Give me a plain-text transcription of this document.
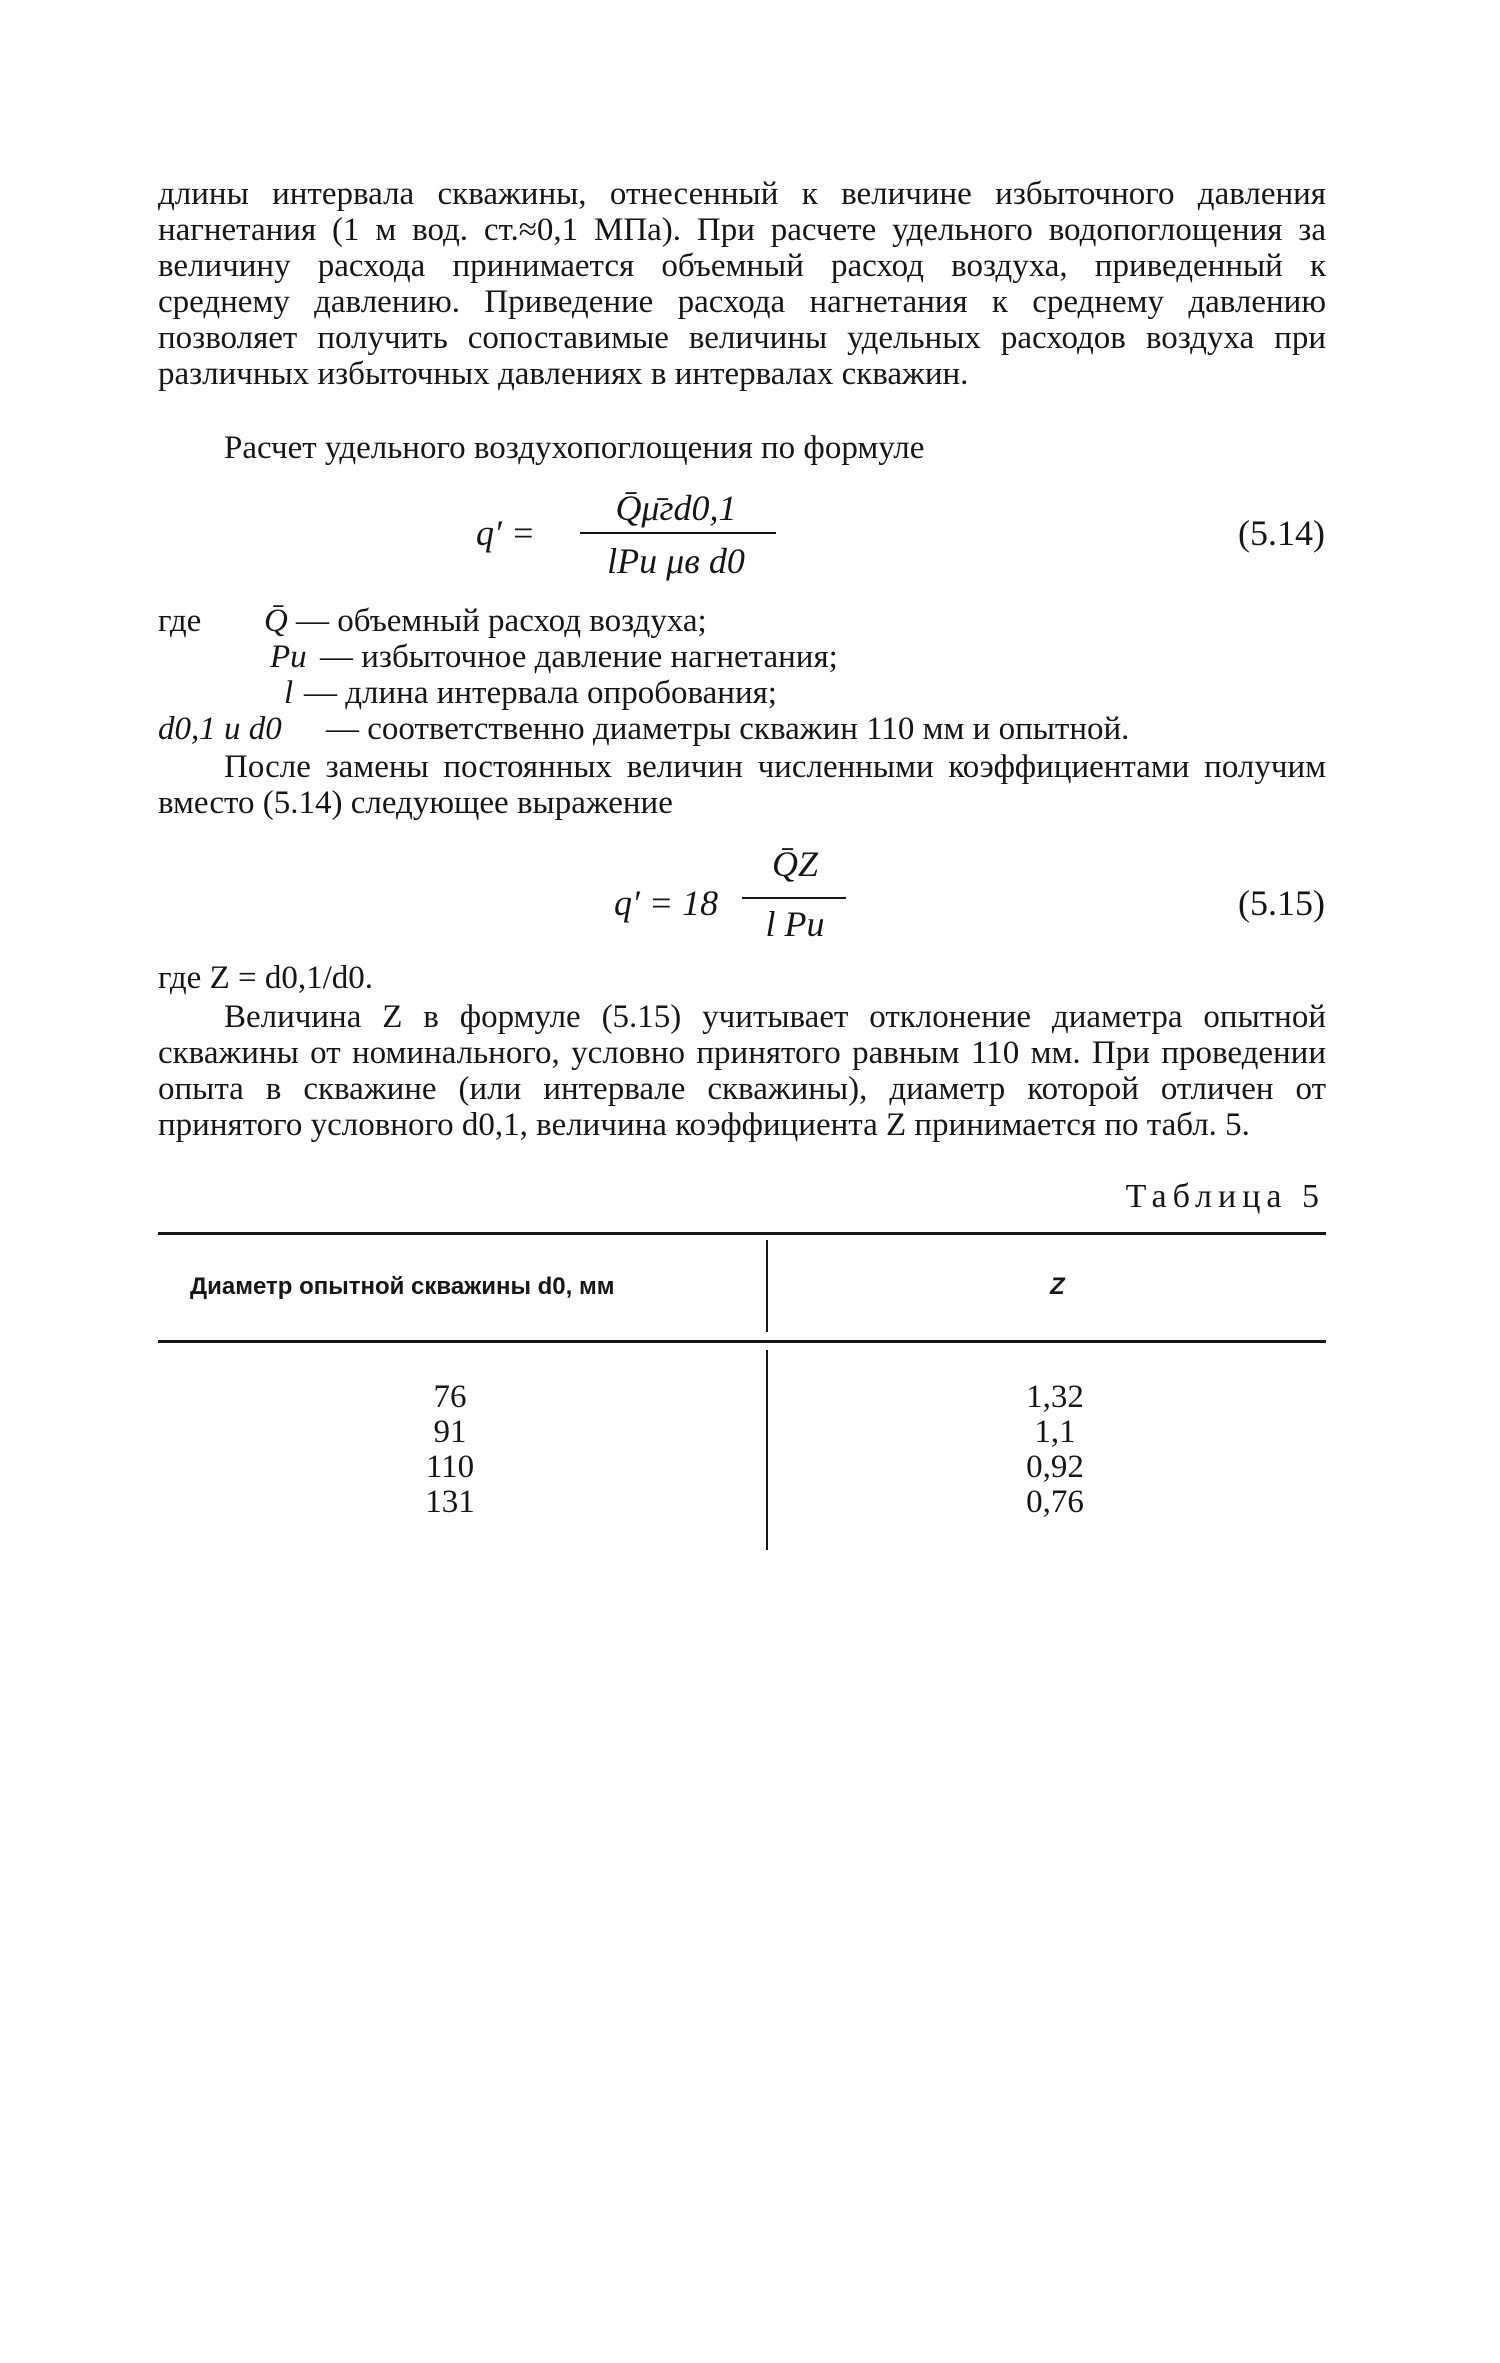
длины интервала скважины, отнесенный к величине избыточного давления нагнетания (1 м вод. ст.≈0,1 МПа). При расчете удельного водопоглощения за величину расхода принимается объемный расход воздуха, приведенный к среднему давлению. Приведение расхода нагнетания к среднему давлению позволяет получить сопоставимые величины удельных расходов воздуха при различных избыточных давлениях в интервалах скважин.

Расчет удельного воздухопоглощения по формуле

q′ =
Q̄μ̄гd0,1
lPи μв d0
(5.14)
где Q̄ — объемный расход воздуха;
Pи — избыточное давление нагнетания;
l — длина интервала опробования;
d0,1 и d0 — соответственно диаметры скважин 110 мм и опытной.

После замены постоянных величин численными коэффициентами получим вместо (5.14) следующее выражение

q′ = 18
Q̄Z
l Pи
(5.15)
где Z = d0,1/d0.

Величина Z в формуле (5.15) учитывает отклонение диаметра опытной скважины от номинального, условно принятого равным 110 мм. При проведении опыта в скважине (или интервале скважины), диаметр которой отличен от принятого условного d0,1, величина коэффициента Z принимается по табл. 5.

Таблица 5
Диаметр опытной скважины d0, мм	Z
76	1,32
91	1,1
110	0,92
131	0,76
